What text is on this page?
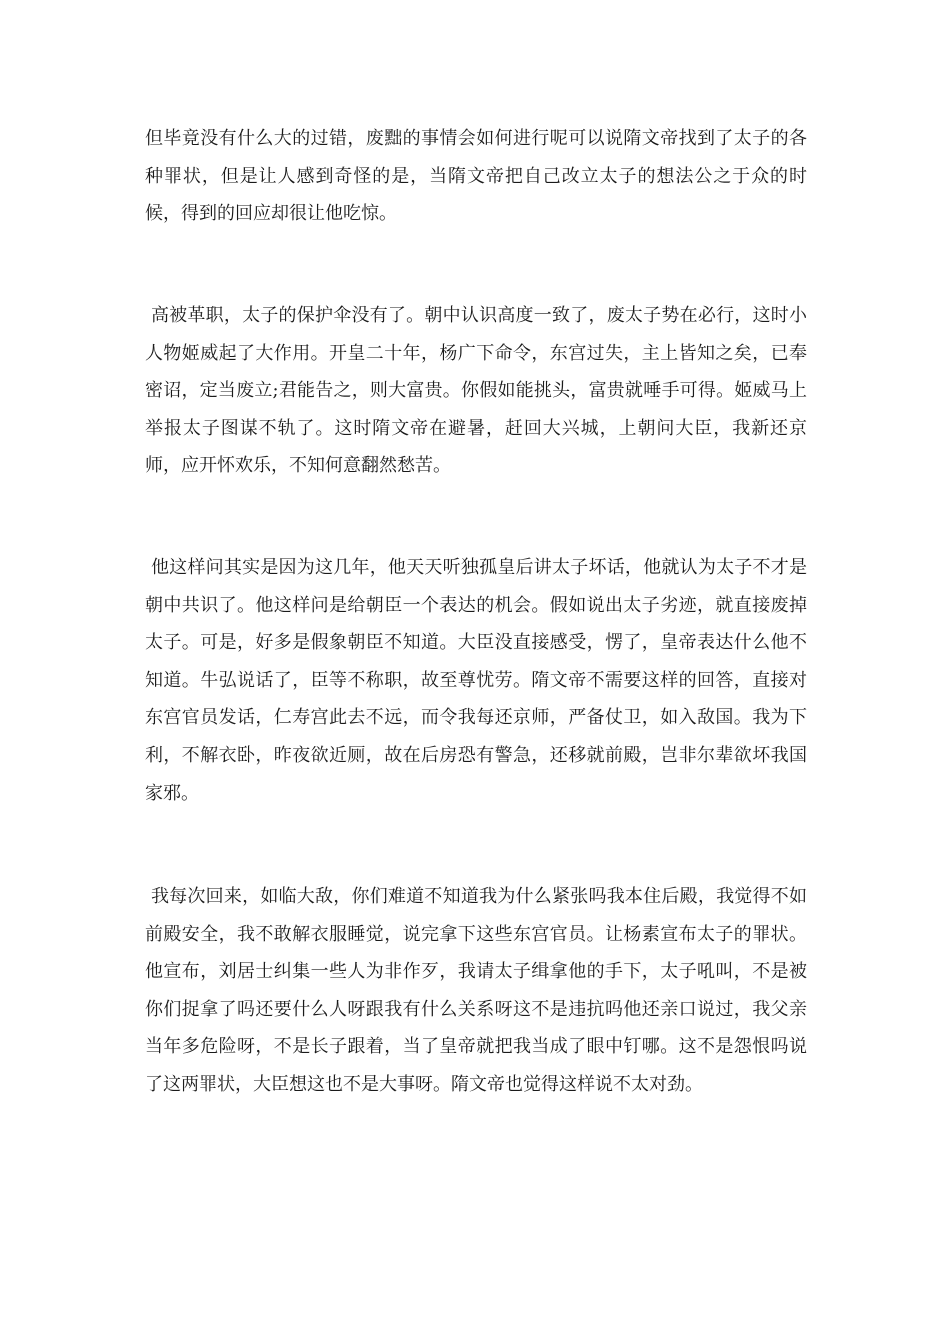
但毕竟没有什么大的过错，废黜的事情会如何进行呢可以说隋文帝找到了太子的各种罪状，但是让人感到奇怪的是，当隋文帝把自己改立太子的想法公之于众的时候，得到的回应却很让他吃惊。

高被革职，太子的保护伞没有了。朝中认识高度一致了，废太子势在必行，这时小人物姬威起了大作用。开皇二十年，杨广下命令，东宫过失，主上皆知之矣，已奉密诏，定当废立;君能告之，则大富贵。你假如能挑头，富贵就唾手可得。姬威马上举报太子图谋不轨了。这时隋文帝在避暑，赶回大兴城，上朝问大臣，我新还京师，应开怀欢乐，不知何意翻然愁苦。

他这样问其实是因为这几年，他天天听独孤皇后讲太子坏话，他就认为太子不才是朝中共识了。他这样问是给朝臣一个表达的机会。假如说出太子劣迹，就直接废掉太子。可是，好多是假象朝臣不知道。大臣没直接感受，愣了，皇帝表达什么他不知道。牛弘说话了，臣等不称职，故至尊忧劳。隋文帝不需要这样的回答，直接对东宫官员发话，仁寿宫此去不远，而令我每还京师，严备仗卫，如入敌国。我为下利，不解衣卧，昨夜欲近厕，故在后房恐有警急，还移就前殿，岂非尔辈欲坏我国家邪。

我每次回来，如临大敌，你们难道不知道我为什么紧张吗我本住后殿，我觉得不如前殿安全，我不敢解衣服睡觉，说完拿下这些东宫官员。让杨素宣布太子的罪状。他宣布，刘居士纠集一些人为非作歹，我请太子缉拿他的手下，太子吼叫，不是被你们捉拿了吗还要什么人呀跟我有什么关系呀这不是违抗吗他还亲口说过，我父亲当年多危险呀，不是长子跟着，当了皇帝就把我当成了眼中钉哪。这不是怨恨吗说了这两罪状，大臣想这也不是大事呀。隋文帝也觉得这样说不太对劲。
